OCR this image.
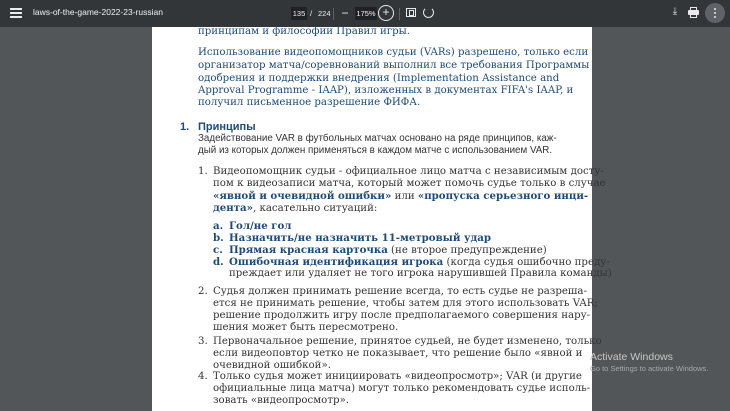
laws-of-the-game-2022-23-russian	135 / 224 −	175% +	⤓
принципам и философии Правил игры.
Использование видеопомощников судьи (VARs) разрешено, только если
организатор матча/соревнований выполнил все требования Программы
одобрения и поддержки внедрения (Implementation Assistance and
Approval Programme - IAAP), изложенных в документах FIFA's IAAP, и
получил письменное разрешение ФИФА.
1. Принципы
Задействование VAR в футбольных матчах основано на ряде принципов, каж-
дый из которых должен применяться в каждом матче с использованием VAR.
1. Видеопомощник судьи - официальное лицо матча с независимым досту-
пом к видеозаписи матча, который может помочь судье только в случае
«явной и очевидной ошибки» или «пропуска серьезного инци-
дента», касательно ситуаций:
a. Гол/не гол
b. Назначить/не назначить 11-метровый удар
c. Прямая красная карточка (не второе предупреждение)
d. Ошибочная идентификация игрока (когда судья ошибочно преду-
преждает или удаляет не того игрока нарушившей Правила команды)
2. Судья должен принимать решение всегда, то есть судье не разреша-
ется не принимать решение, чтобы затем для этого использовать VAR;
решение продолжить игру после предполагаемого совершения нару-
шения может быть пересмотрено.
3. Первоначальное решение, принятое судьей, не будет изменено, только
если видеоповтор четко не показывает, что решение было «явной и
очевидной ошибкой».
4. Только судья может инициировать «видеопросмотр»; VAR (и другие
официальные лица матча) могут только рекомендовать судье исполь-
зовать «видеопросмотр».
Activate Windows
Go to Settings to activate Windows.
